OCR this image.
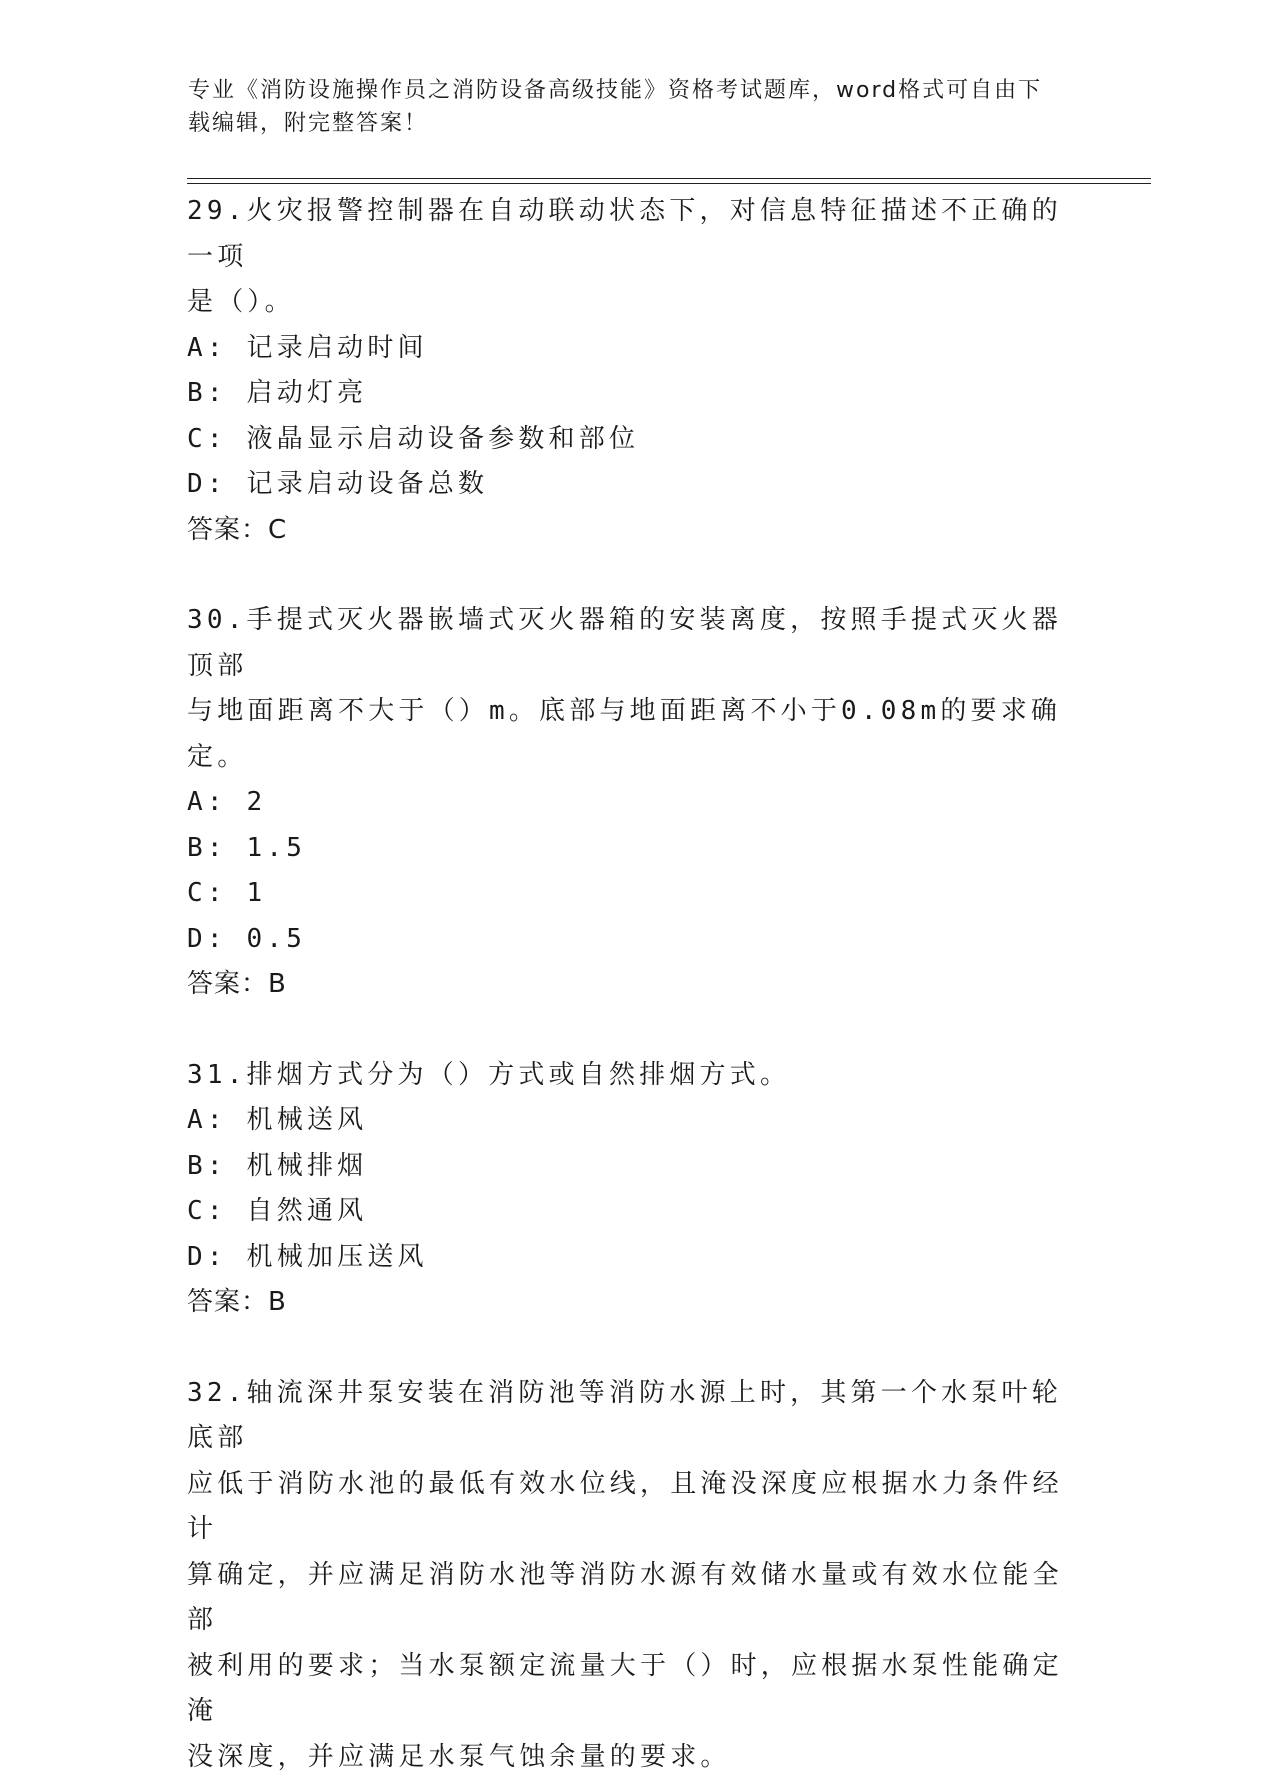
专业《消防设施操作员之消防设备高级技能》资格考试题库，word格式可自由下
载编辑，附完整答案！
29.火灾报警控制器在自动联动状态下，对信息特征描述不正确的一项
是（）。
A: 记录启动时间
B: 启动灯亮
C: 液晶显示启动设备参数和部位
D: 记录启动设备总数
答案：C
30.手提式灭火器嵌墙式灭火器箱的安装离度，按照手提式灭火器顶部
与地面距离不大于（）m。底部与地面距离不小于0.08m的要求确定。
A: 2
B: 1.5
C: 1
D: 0.5
答案：B
31.排烟方式分为（）方式或自然排烟方式。
A: 机械送风
B: 机械排烟
C: 自然通风
D: 机械加压送风
答案：B
32.轴流深井泵安装在消防池等消防水源上时，其第一个水泵叶轮底部
应低于消防水池的最低有效水位线，且淹没深度应根据水力条件经计
算确定，并应满足消防水池等消防水源有效储水量或有效水位能全部
被利用的要求；当水泵额定流量大于（）时，应根据水泵性能确定淹
没深度，并应满足水泵气蚀余量的要求。
